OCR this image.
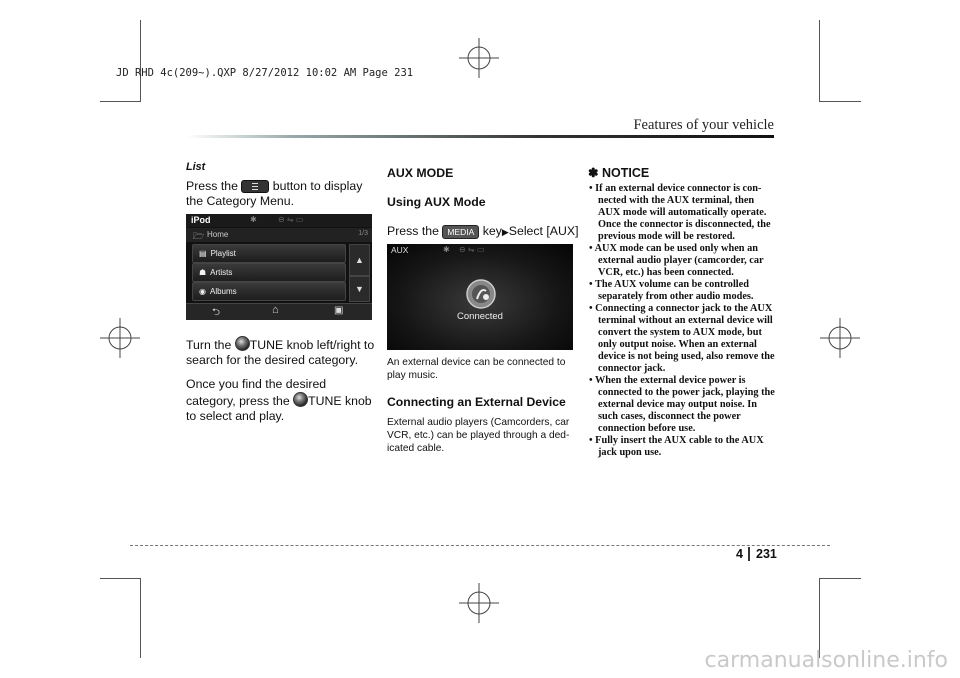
JD RHD 4c(209~).QXP 8/27/2012 10:02 AM Page 231
Features of your vehicle

List

Press the	button to display the Category Menu.

iPod	✱	⊖ ⇋ ▭
🗁 Home	1/3
▤ Playlist
☗ Artists
◉ Albums
▲
▼
⮌	⌂	▣

Turn the TUNE knob left/right to search for the desired category.

Once you find the desired category, press the TUNE knob to select and play.

AUX MODE
Using AUX Mode
Press the MEDIA key▶Select [AUX]
AUX	✱ ⊖ ⇋ ▭
Connected

An external device can be connected to play music.

Connecting an External Device

External audio players (Camcorders, car VCR, etc.) can be played through a ded-icated cable.

✽ NOTICE
• If an external device connector is con-nected with the AUX terminal, then AUX mode will automatically operate. Once the connector is disconnected, the previous mode will be restored.
• AUX mode can be used only when an external audio player (camcorder, car VCR, etc.) has been connected.
• The AUX volume can be controlled separately from other audio modes.
• Connecting a connector jack to the AUX terminal without an external device will convert the system to AUX mode, but only output noise. When an external device is not being used, also remove the connector jack.
• When the external device power is connected to the power jack, playing the external device may output noise. In such cases, disconnect the power connection before use.
• Fully insert the AUX cable to the AUX jack upon use.
4 231
carmanualsonline.info
